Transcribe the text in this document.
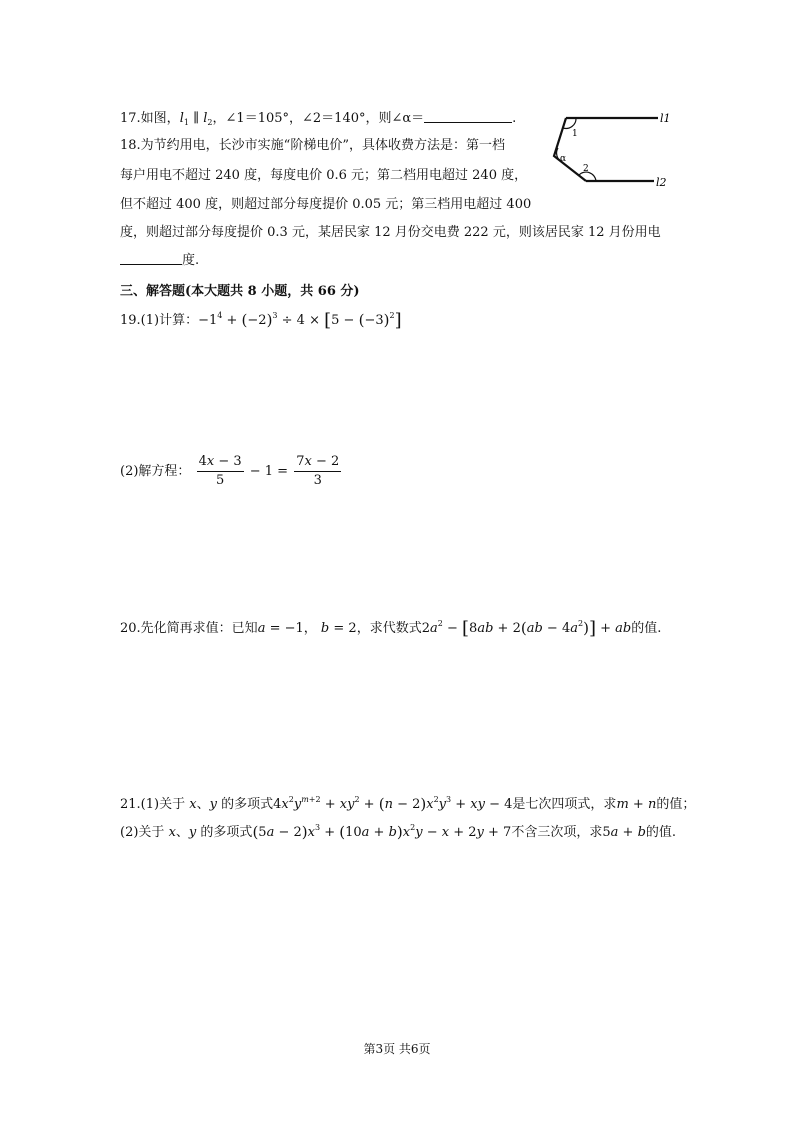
17.如图，$l_1$ ∥ $l_2$，∠1＝105°，∠2＝140°，则∠α＝	.	l1
l2
1
2
α
18.为节约用电，长沙市实施“阶梯电价”，具体收费方法是：第一档
每户用电不超过 240 度，每度电价 0.6 元；第二档用电超过 240 度，
但不超过 400 度，则超过部分每度提价 0.05 元；第三档用电超过 400
度，则超过部分每度提价 0.3 元，某居民家 12 月份交电费 222 元，则该居民家 12 月份用电
度.
三、解答题(本大题共 8 小题，共 66 分)
19.(1)计算：$-1^4 + (-2)^3 \div 4 \times [5 - (-3)^2]$
(2)解方程： $\frac{4x - 3}{5} - 1 = \frac{7x - 2}{3}$
20.先化简再求值：已知a = −1， b = 2，求代数式$2a^2 - [8ab + 2(ab - 4a^2)]$ + ab的值.
21.(1)关于 x、y 的多项式$4x^2y^{m+2} + xy^2 + (n - 2)x^2y^3$ + xy − 4是七次四项式，求m + n的值；
(2)关于 x、y 的多项式$(5a - 2)x^3 + (10a + b)x^2y - x + 2y + 7$不含三次项，求5a + b的值.
第3页 共6页
